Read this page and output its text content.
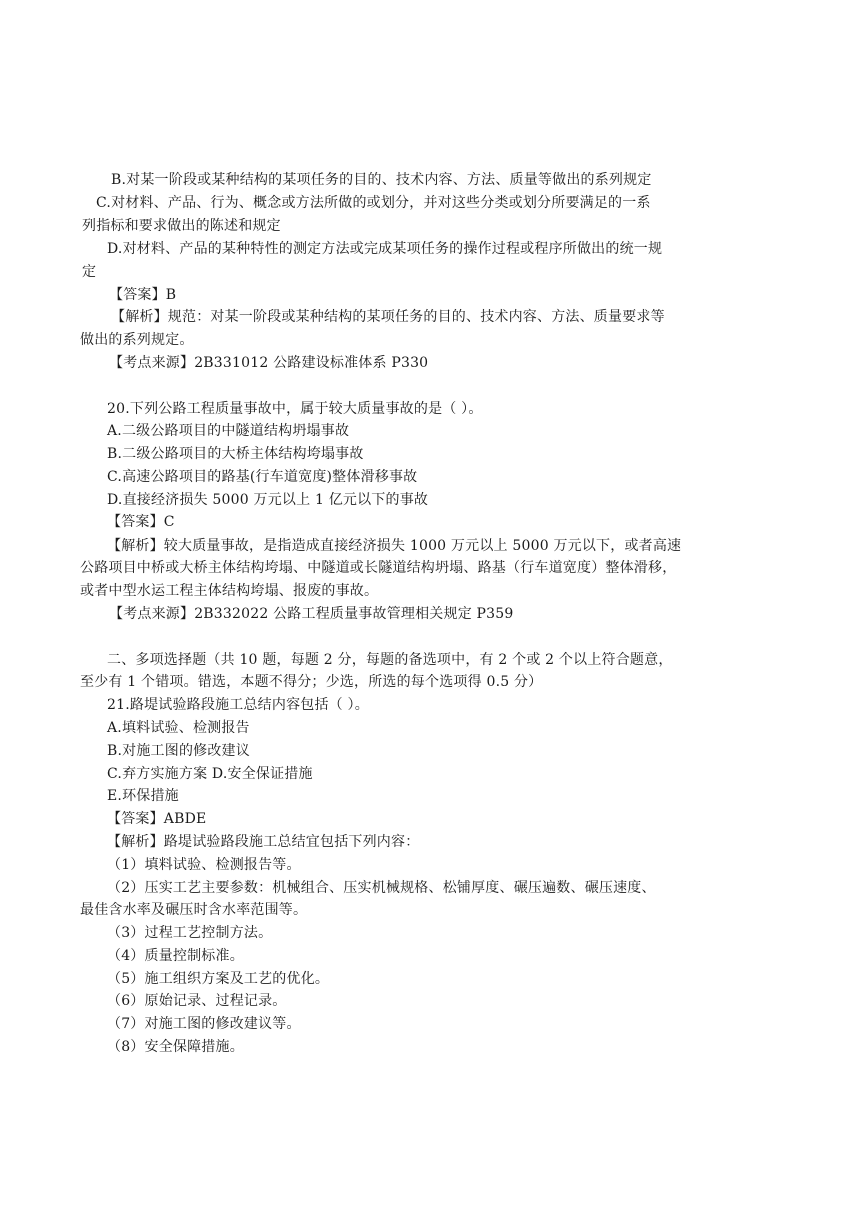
B.对某一阶段或某种结构的某项任务的目的、技术内容、方法、质量等做出的系列规定
C.对材料、产品、行为、概念或方法所做的或划分，并对这些分类或划分所要满足的一系
列指标和要求做出的陈述和规定
D.对材料、产品的某种特性的测定方法或完成某项任务的操作过程或程序所做出的统一规
定
【答案】B
【解析】规范：对某一阶段或某种结构的某项任务的目的、技术内容、方法、质量要求等
做出的系列规定。
【考点来源】2B331012 公路建设标准体系 P330
20.下列公路工程质量事故中，属于较大质量事故的是（ ）。
A.二级公路项目的中隧道结构坍塌事故
B.二级公路项目的大桥主体结构垮塌事故
C.高速公路项目的路基(行车道宽度)整体滑移事故
D.直接经济损失 5000 万元以上 1 亿元以下的事故
【答案】C
【解析】较大质量事故，是指造成直接经济损失 1000 万元以上 5000 万元以下，或者高速
公路项目中桥或大桥主体结构垮塌、中隧道或长隧道结构坍塌、路基（行车道宽度）整体滑移，
或者中型水运工程主体结构垮塌、报废的事故。
【考点来源】2B332022 公路工程质量事故管理相关规定 P359
二、多项选择题（共 10 题，每题 2 分，每题的备选项中，有 2 个或 2 个以上符合题意，
至少有 1 个错项。错选，本题不得分；少选，所选的每个选项得 0.5 分）
21.路堤试验路段施工总结内容包括（ ）。
A.填料试验、检测报告
B.对施工图的修改建议
C.弃方实施方案 D.安全保证措施
E.环保措施
【答案】ABDE
【解析】路堤试验路段施工总结宜包括下列内容：
（1）填料试验、检测报告等。
（2）压实工艺主要参数：机械组合、压实机械规格、松铺厚度、碾压遍数、碾压速度、
最佳含水率及碾压时含水率范围等。
（3）过程工艺控制方法。
（4）质量控制标准。
（5）施工组织方案及工艺的优化。
（6）原始记录、过程记录。
（7）对施工图的修改建议等。
（8）安全保障措施。
